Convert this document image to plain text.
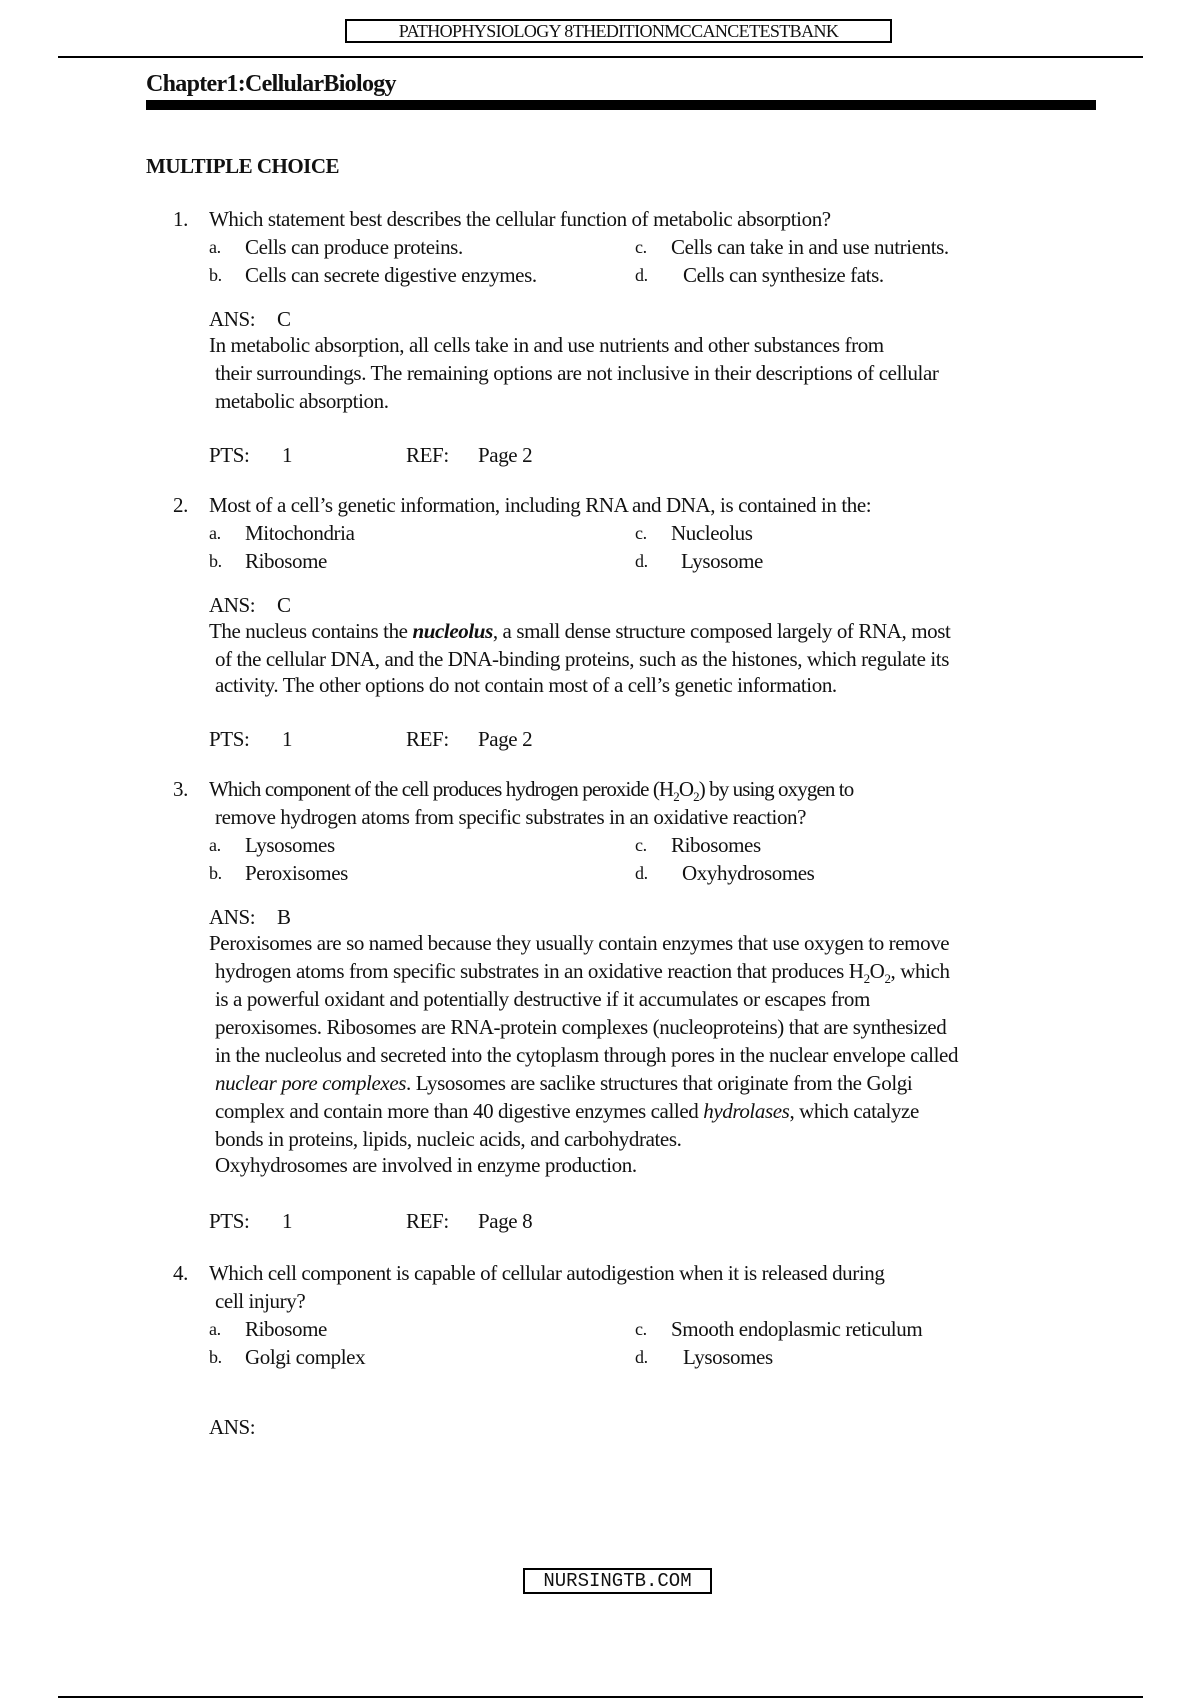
PATHOPHYSIOLOGY 8THEDITIONMCCANCETESTBANK
Chapter1:CellularBiology
MULTIPLE CHOICE
1. Which statement best describes the cellular function of metabolic absorption?
a. Cells can produce proteins.	c. Cells can take in and use nutrients.
b. Cells can secrete digestive enzymes.	d. Cells can synthesize fats.
ANS: C
In metabolic absorption, all cells take in and use nutrients and other substances from
their surroundings. The remaining options are not inclusive in their descriptions of cellular
metabolic absorption.
PTS: 1	REF: Page 2
2. Most of a cell’s genetic information, including RNA and DNA, is contained in the:
a. Mitochondria	c. Nucleolus
b. Ribosome	d. Lysosome
ANS: C
The nucleus contains the nucleolus, a small dense structure composed largely of RNA, most
of the cellular DNA, and the DNA-binding proteins, such as the histones, which regulate its
activity. The other options do not contain most of a cell’s genetic information.
PTS: 1	REF: Page 2
3. Which component of the cell produces hydrogen peroxide $(H_2O_2)$ by using oxygen to
remove hydrogen atoms from specific substrates in an oxidative reaction?
a. Lysosomes	c. Ribosomes
b. Peroxisomes	d. Oxyhydrosomes
ANS: B
Peroxisomes are so named because they usually contain enzymes that use oxygen to remove
hydrogen atoms from specific substrates in an oxidative reaction that produces $H_2O_2$, which
is a powerful oxidant and potentially destructive if it accumulates or escapes from
peroxisomes. Ribosomes are RNA-protein complexes (nucleoproteins) that are synthesized
in the nucleolus and secreted into the cytoplasm through pores in the nuclear envelope called
nuclear pore complexes. Lysosomes are saclike structures that originate from the Golgi
complex and contain more than 40 digestive enzymes called hydrolases, which catalyze
bonds in proteins, lipids, nucleic acids, and carbohydrates.
Oxyhydrosomes are involved in enzyme production.
PTS: 1	REF: Page 8
4. Which cell component is capable of cellular autodigestion when it is released during
cell injury?
a. Ribosome	c. Smooth endoplasmic reticulum
b. Golgi complex	d. Lysosomes
ANS:
NURSINGTB.COM
